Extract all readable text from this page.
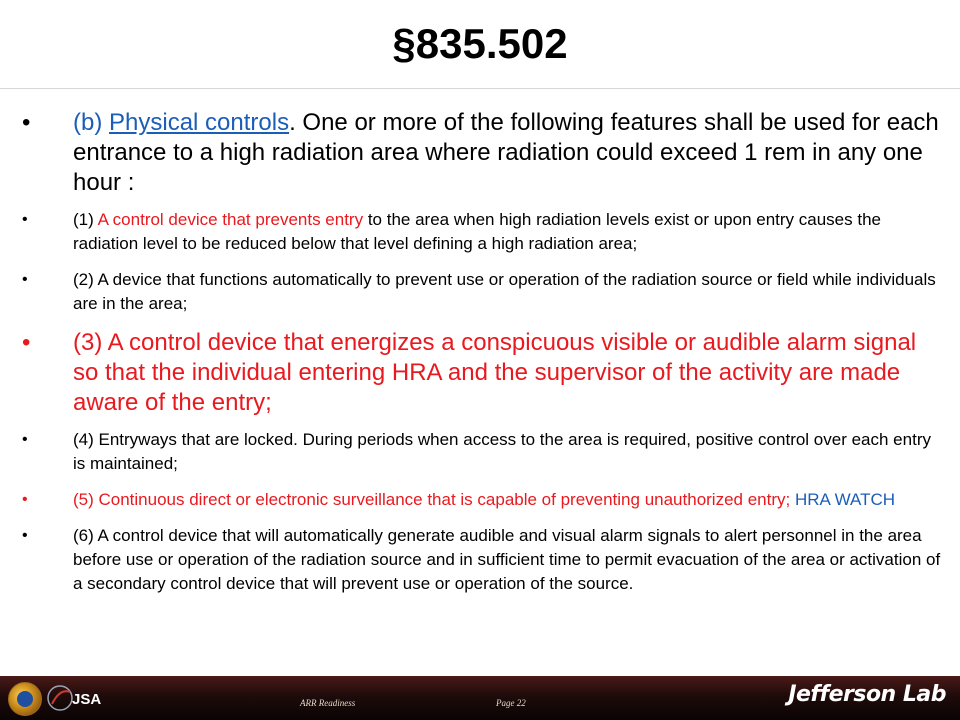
§835.502
• (b) Physical controls. One or more of the following features shall be used for each entrance to a high radiation area where radiation could exceed 1 rem in any one hour :
•	(1) A control device that prevents entry to the area when high radiation levels exist or upon entry causes the radiation level to be reduced below that level defining a high radiation area;
•	(2) A device that functions automatically to prevent use or operation of the radiation source or field while individuals are in the area;
• (3) A control device that energizes a conspicuous visible or audible alarm signal so that the individual entering HRA and the supervisor of the activity are made aware of the entry;
•	(4) Entryways that are locked. During periods when access to the area is required, positive control over each entry is maintained;
•	(5) Continuous direct or electronic surveillance that is capable of preventing unauthorized entry; HRA WATCH
•	(6) A control device that will automatically generate audible and visual alarm signals to alert personnel in the area before use or operation of the radiation source and in sufficient time to permit evacuation of the area or activation of a secondary control device that will prevent use or operation of the source.
JSA	ARR Readiness	Page 22	Jefferson Lab
